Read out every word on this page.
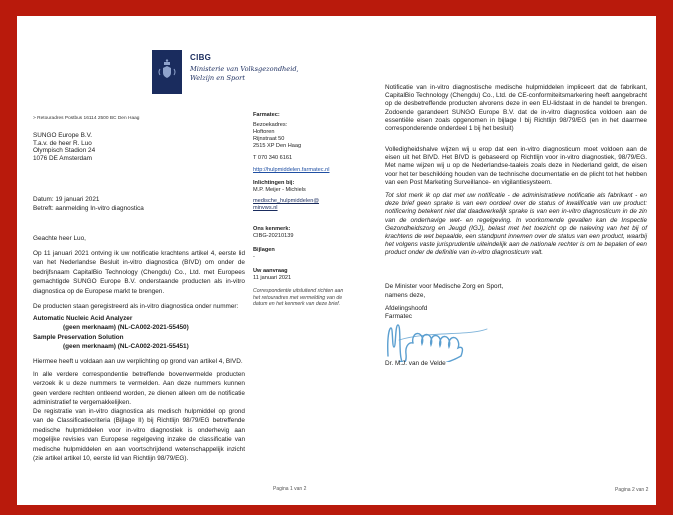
CIBG
Ministerie van Volksgezondheid,
Welzijn en Sport
> Retouradres Postbus 16114 2500 BC Den Haag
SUNGO Europe B.V.
T.a.v. de heer R. Luo
Olympisch Stadion 24
1076 DE Amsterdam
Datum: 19 januari 2021
Betreft: aanmelding In-vitro diagnostica
Geachte heer Luo,
Op 11 januari 2021 ontving ik uw notificatie krachtens artikel 4, eerste lid van het Nederlandse Besluit in-vitro diagnostica (BIVD) om onder de bedrijfsnaam CapitalBio Technology (Chengdu) Co., Ltd. met Europees gemachtigde SUNGO Europe B.V. onderstaande producten als in-vitro diagnostica op de Europese markt te brengen.
De producten staan geregistreerd als in-vitro diagnostica onder nummer:
Automatic Nucleic Acid Analyzer
(geen merknaam) (NL-CA002-2021-55450)
Sample Preservation Solution
(geen merknaam) (NL-CA002-2021-55451)
Hiermee heeft u voldaan aan uw verplichting op grond van artikel 4, BIVD.
In alle verdere correspondentie betreffende bovenvermelde producten verzoek ik u deze nummers te vermelden. Aan deze nummers kunnen geen verdere rechten ontleend worden, ze dienen alleen om de notificatie administratief te vergemakkelijken.
De registratie van in-vitro diagnostica als medisch hulpmiddel op grond van de Classificatiecriteria (Bijlage II) bij Richtlijn 98/79/EG betreffende medische hulpmiddelen voor in-vitro diagnostiek is onderhevig aan mogelijke revisies van Europese regelgeving inzake de classificatie van medische hulpmiddelen en aan voortschrijdend wetenschappelijk inzicht (zie artikel artikel 10, eerste lid van Richtlijn 98/79/EG).
Pagina 1 van 2
Farmatec:
Bezoekadres:
Hoftoren
Rijnstraat 50
2515 XP Den Haag
T 070 340 6161
http://hulpmiddelen.farmatec.nl
Inlichtingen bij:
M.P. Meijer - Michiels
medische_hulpmiddelen@
minvws.nl
Ons kenmerk:
CIBG-20210139
Bijlagen
-
Uw aanvraag
11 januari 2021
Correspondentie uitsluitend richten aan het retouradres met vermelding van de datum en het kenmerk van deze brief.
Notificatie van in-vitro diagnostische medische hulpmiddelen impliceert dat de fabrikant, CapitalBio Technology (Chengdu) Co., Ltd. de CE-conformiteitsmarkering heeft aangebracht op de desbetreffende producten alvorens deze in een EU-lidstaat in de handel te brengen. Zodoende garandeert SUNGO Europe B.V. dat de in-vitro diagnostica voldoen aan de essentiële eisen zoals opgenomen in bijlage I bij Richtlijn 98/79/EG (en in het daarmee corresponderende onderdeel 1 bij het besluit)
Volledigheidshalve wijzen wij u erop dat een in-vitro diagnosticum moet voldoen aan de eisen uit het BIVD. Het BIVD is gebaseerd op Richtlijn voor in-vitro diagnostiek, 98/79/EG. Met name wijzen wij u op de Nederlandse-taaleis zoals deze in Nederland geldt, de eisen voor het ter beschikking houden van de technische documentatie en de plicht tot het hebben van een Post Marketing Surveillance- en vigilantiesysteem.
Tot slot merk ik op dat met uw notificatie - de administratieve notificatie als fabrikant - en deze brief geen sprake is van een oordeel over de status of kwalificatie van uw product: notificering betekent niet dat daadwerkelijk sprake is van een in-vitro diagnosticum in de zin van de onderhavige wet- en regelgeving. In voorkomende gevallen kan de Inspectie Gezondheidszorg en Jeugd (IGJ), belast met het toezicht op de naleving van het bij of krachtens de wet bepaalde, een standpunt innemen over de status van een product, waarbij het volgens vaste jurisprudentie uiteindelijk aan de nationale rechter is om te bepalen of een product onder de definitie van in-vitro diagnosticum valt.
De Minister voor Medische Zorg en Sport,
namens deze,
Afdelingshoofd
Farmatec
Dr. M.J. van de Velde
Pagina 2 van 2
